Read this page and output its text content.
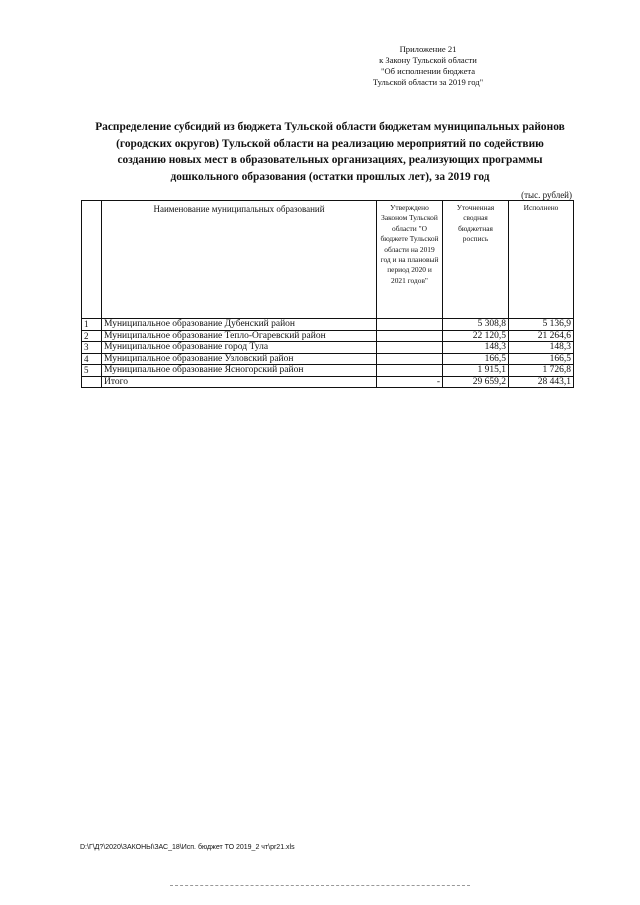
Приложение 21
к Закону Тульской области
"Об исполнении бюджета
Тульской области за 2019 год"
Распределение субсидий из бюджета Тульской области бюджетам муниципальных районов
(городских округов) Тульской области на реализацию мероприятий по содействию
созданию новых мест в образовательных организациях, реализующих программы
дошкольного образования (остатки прошлых лет), за 2019 год
(тыс. рублей)
	Наименование муниципальных образований	Утверждено Законом Тульской области "О бюджете Тульской области на 2019 год и на плановый период 2020 и 2021 годов"	Уточненная сводная бюджетная роспись	Исполнено
1	Муниципальное образование Дубенский район		5 308,8	5 136,9
2	Муниципальное образование Тепло-Огаревский район		22 120,5	21 264,6
3	Муниципальное образование город Тула		148,3	148,3
4	Муниципальное образование Узловский район		166,5	166,5
5	Муниципальное образование Ясногорский район		1 915,1	1 726,8
	Итого	-	29 659,2	28 443,1
D:\Г\Д?\2020\ЗАКОНЫ\ЗАС_18\Исп. бюджет ТО 2019_2 чт\pr21.xls
